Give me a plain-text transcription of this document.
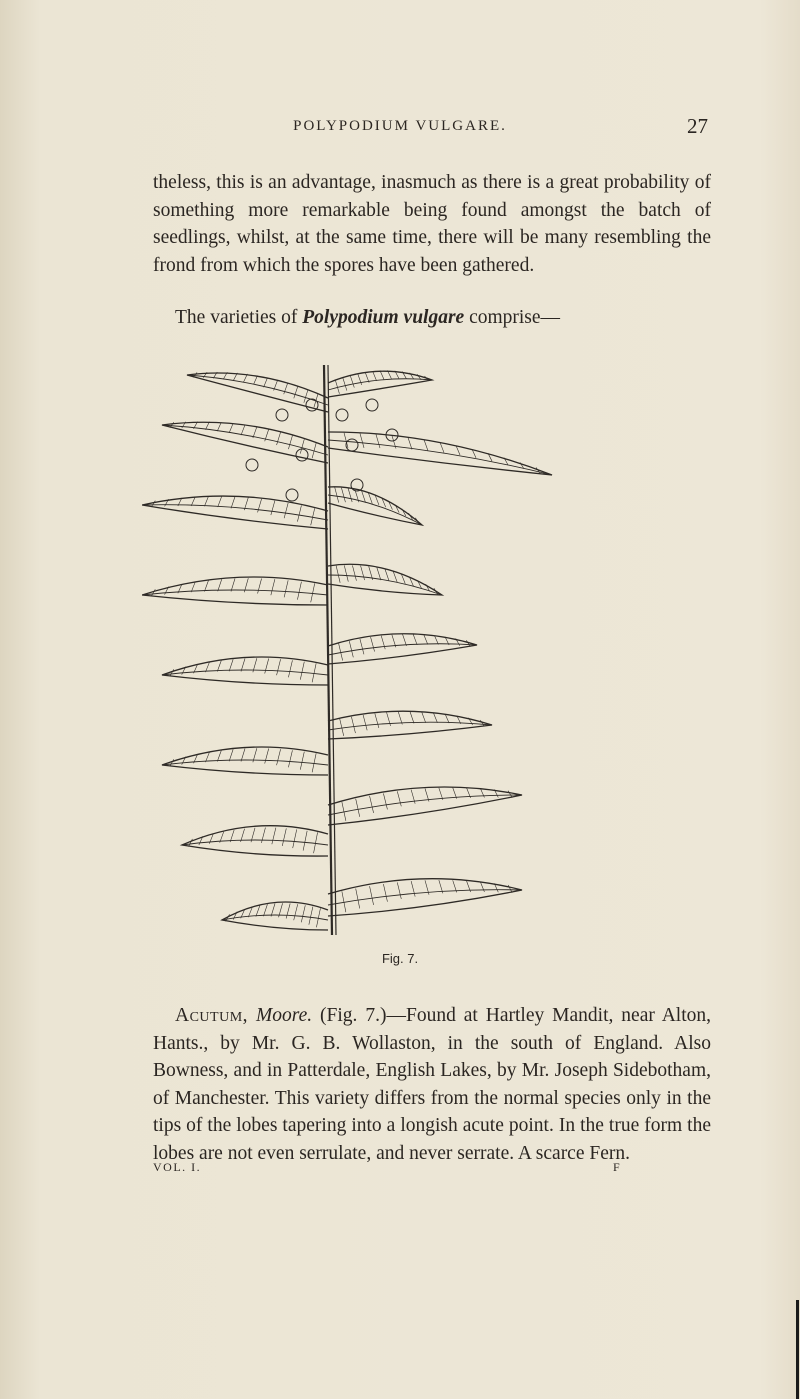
POLYPODIUM VULGARE.	27

theless, this is an advantage, inasmuch as there is a great probability of something more remarkable being found amongst the batch of seedlings, whilst, at the same time, there will be many resembling the frond from which the spores have been gathered.

The varieties of Polypodium vulgare comprise—
Fig. 7.

Acutum, Moore. (Fig. 7.)—Found at Hartley Mandit, near Alton, Hants., by Mr. G. B. Wollaston, in the south of England. Also Bowness, and in Patterdale, English Lakes, by Mr. Joseph Sidebotham, of Manchester. This variety differs from the normal species only in the tips of the lobes tapering into a longish acute point. In the true form the lobes are not even serrulate, and never serrate. A scarce Fern.

VOL. I.	F
